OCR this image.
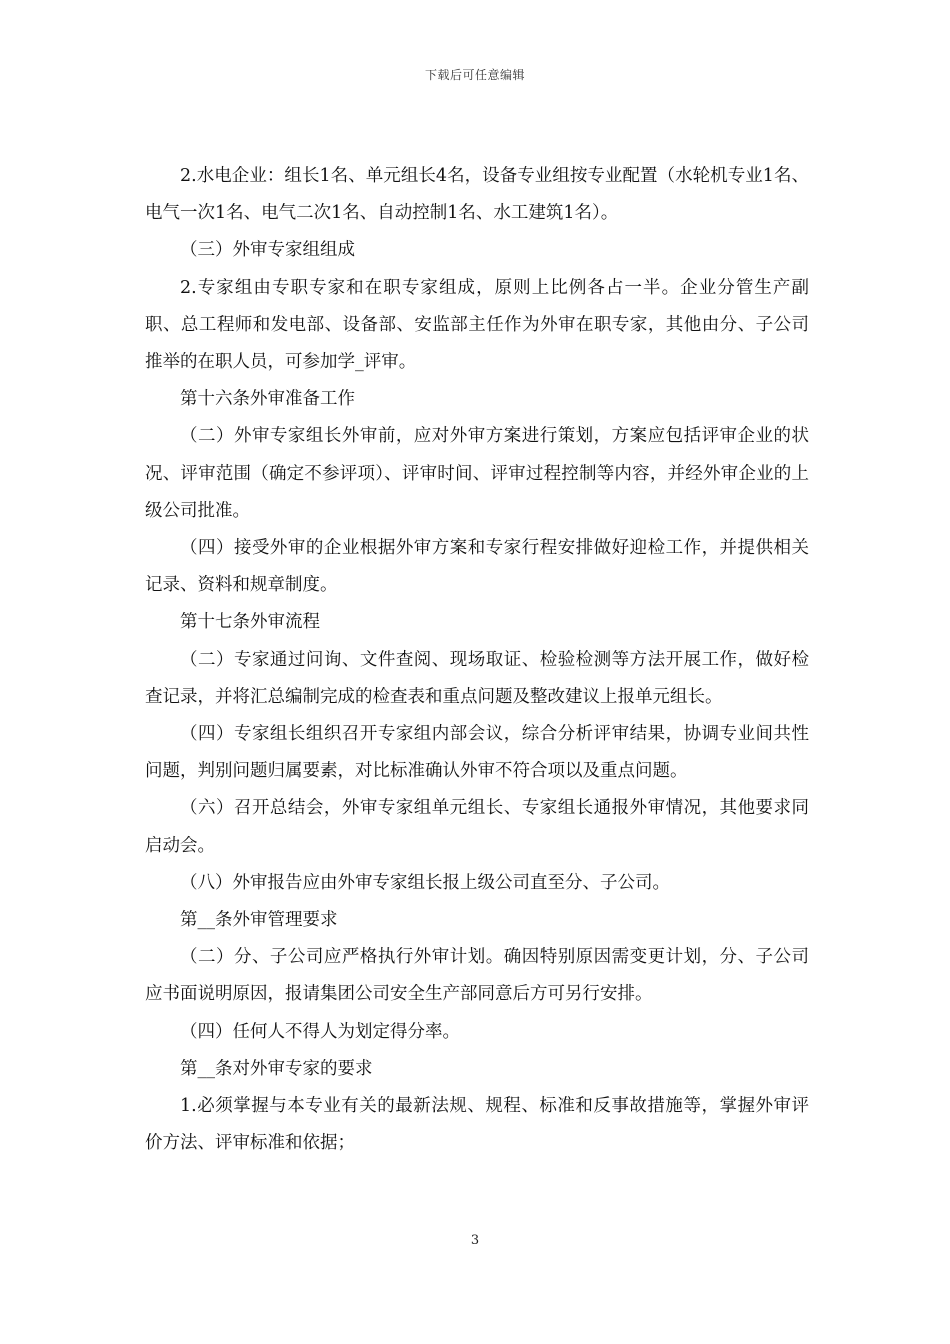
下载后可任意编辑

2.水电企业：组长1名、单元组长4名，设备专业组按专业配置（水轮机专业1名、电气一次1名、电气二次1名、自动控制1名、水工建筑1名）。

（三）外审专家组组成

2.专家组由专职专家和在职专家组成，原则上比例各占一半。企业分管生产副职、总工程师和发电部、设备部、安监部主任作为外审在职专家，其他由分、子公司推举的在职人员，可参加学_评审。

第十六条外审准备工作

（二）外审专家组长外审前，应对外审方案进行策划，方案应包括评审企业的状况、评审范围（确定不参评项）、评审时间、评审过程控制等内容，并经外审企业的上级公司批准。

（四）接受外审的企业根据外审方案和专家行程安排做好迎检工作，并提供相关记录、资料和规章制度。

第十七条外审流程

（二）专家通过问询、文件查阅、现场取证、检验检测等方法开展工作，做好检查记录，并将汇总编制完成的检查表和重点问题及整改建议上报单元组长。

（四）专家组长组织召开专家组内部会议，综合分析评审结果，协调专业间共性问题，判别问题归属要素，对比标准确认外审不符合项以及重点问题。

（六）召开总结会，外审专家组单元组长、专家组长通报外审情况，其他要求同启动会。

（八）外审报告应由外审专家组长报上级公司直至分、子公司。

第__条外审管理要求

（二）分、子公司应严格执行外审计划。确因特别原因需变更计划，分、子公司应书面说明原因，报请集团公司安全生产部同意后方可另行安排。

（四）任何人不得人为划定得分率。

第__条对外审专家的要求

1.必须掌握与本专业有关的最新法规、规程、标准和反事故措施等，掌握外审评价方法、评审标准和依据；

3
